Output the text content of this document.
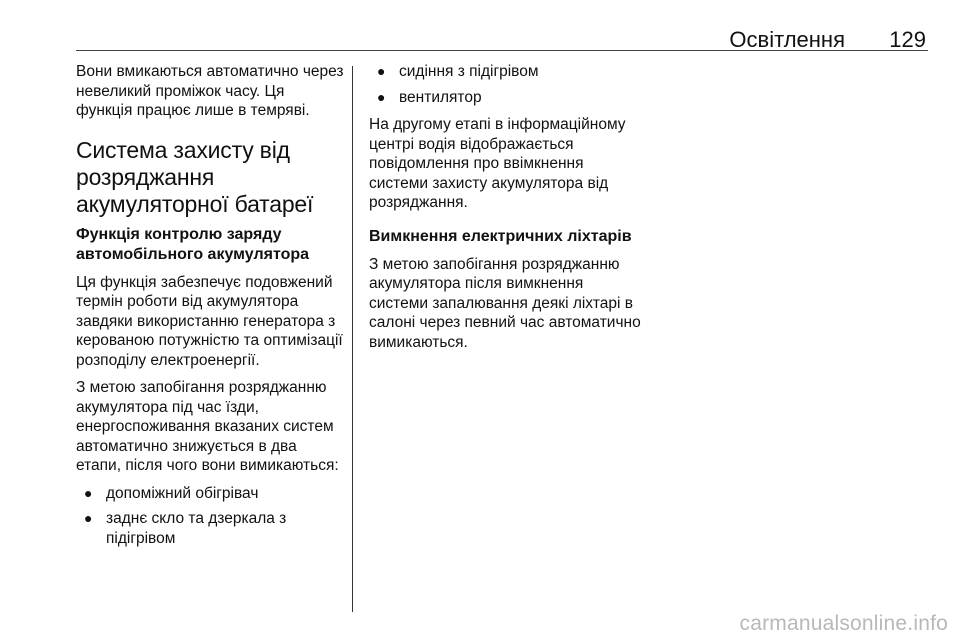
Освітлення 129

Вони вмикаються автоматично через невеликий проміжок часу. Ця функція працює лише в темряві.

Система захисту від розряджання акумуляторної батареї
Функція контролю заряду автомобільного акумулятора

Ця функція забезпечує подовжений термін роботи від акумулятора завдяки використанню генератора з керованою потужністю та оптимізації розподілу електроенергії.

З метою запобігання розряджанню акумулятора під час їзди, енергоспоживання вказаних систем автоматично знижується в два етапи, після чого вони вимикаються:

● допоміжний обігрівач
● заднє скло та дзеркала з підігрівом
● сидіння з підігрівом
● вентилятор

На другому етапі в інформаційному центрі водія відображається повідомлення про ввімкнення системи захисту акумулятора від розряджання.

Вимкнення електричних ліхтарів

З метою запобігання розряджанню акумулятора після вимкнення системи запалювання деякі ліхтарі в салоні через певний час автоматично вимикаються.

carmanualsonline.info
